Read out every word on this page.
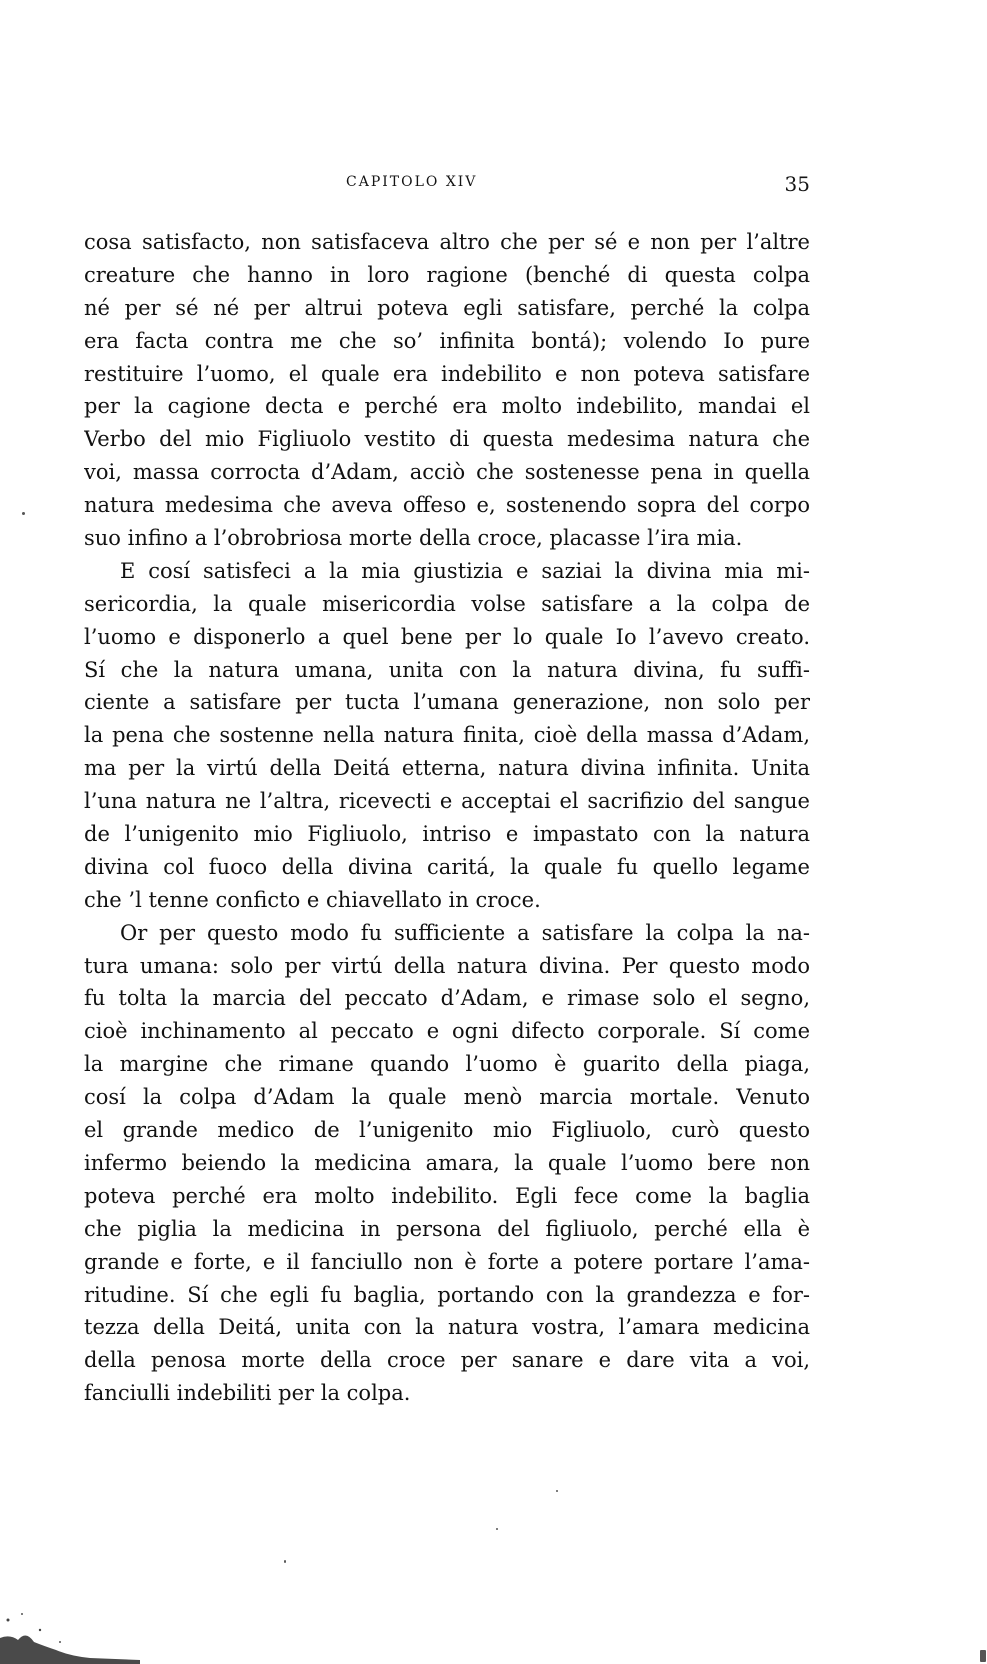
CAPITOLO XIV	35
cosa satisfacto, non satisfaceva altro che per sé e non per l’altre
creature che hanno in loro ragione (benché di questa colpa
né per sé né per altrui poteva egli satisfare, perché la colpa
era facta contra me che so’ infinita bontá); volendo Io pure
restituire l’uomo, el quale era indebilito e non poteva satisfare
per la cagione decta e perché era molto indebilito, mandai el
Verbo del mio Figliuolo vestito di questa medesima natura che
voi, massa corrocta d’Adam, acciò che sostenesse pena in quella
natura medesima che aveva offeso e, sostenendo sopra del corpo
suo infino a l’obrobriosa morte della croce, placasse l’ira mia.
E cosí satisfeci a la mia giustizia e saziai la divina mia mi-
sericordia, la quale misericordia volse satisfare a la colpa de
l’uomo e disponerlo a quel bene per lo quale Io l’avevo creato.
Sí che la natura umana, unita con la natura divina, fu suffi-
ciente a satisfare per tucta l’umana generazione, non solo per
la pena che sostenne nella natura finita, cioè della massa d’Adam,
ma per la virtú della Deitá etterna, natura divina infinita. Unita
l’una natura ne l’altra, ricevecti e acceptai el sacrifizio del sangue
de l’unigenito mio Figliuolo, intriso e impastato con la natura
divina col fuoco della divina caritá, la quale fu quello legame
che ’l tenne conficto e chiavellato in croce.
Or per questo modo fu sufficiente a satisfare la colpa la na-
tura umana: solo per virtú della natura divina. Per questo modo
fu tolta la marcia del peccato d’Adam, e rimase solo el segno,
cioè inchinamento al peccato e ogni difecto corporale. Sí come
la margine che rimane quando l’uomo è guarito della piaga,
cosí la colpa d’Adam la quale menò marcia mortale. Venuto
el grande medico de l’unigenito mio Figliuolo, curò questo
infermo beiendo la medicina amara, la quale l’uomo bere non
poteva perché era molto indebilito. Egli fece come la baglia
che piglia la medicina in persona del figliuolo, perché ella è
grande e forte, e il fanciullo non è forte a potere portare l’ama-
ritudine. Sí che egli fu baglia, portando con la grandezza e for-
tezza della Deitá, unita con la natura vostra, l’amara medicina
della penosa morte della croce per sanare e dare vita a voi,
fanciulli indebiliti per la colpa.
